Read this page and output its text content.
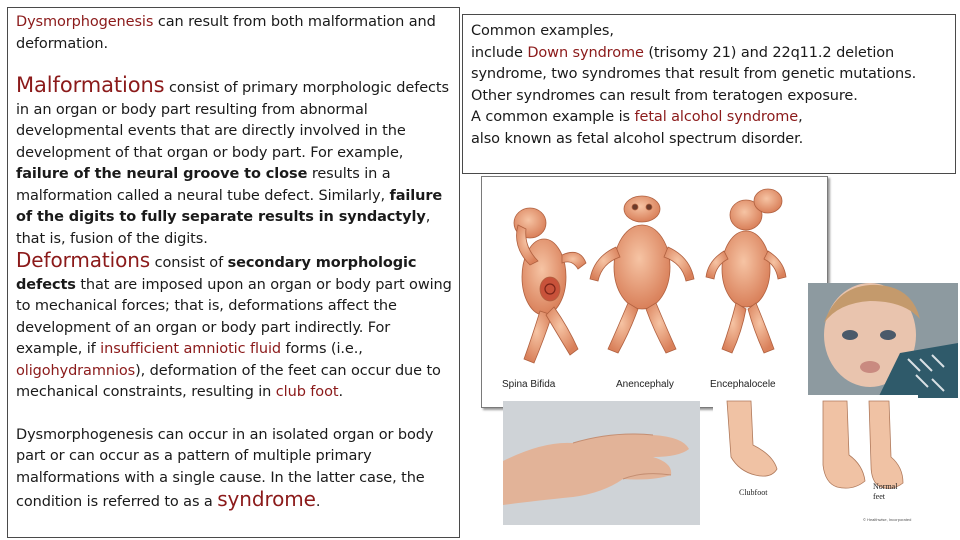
Dysmorphogenesis can result from both malformation and deformation.

Malformations consist of primary morphologic defects in an organ or body part resulting from abnormal developmental events that are directly involved in the development of that organ or body part. For example, failure of the neural groove to close results in a malformation called a neural tube defect. Similarly, failure of the digits to fully separate results in syndactyly, that is, fusion of the digits.

Deformations consist of secondary morphologic defects that are imposed upon an organ or body part owing to mechanical forces; that is, deformations affect the development of an organ or body part indirectly. For example, if insufficient amniotic fluid forms (i.e., oligohydramnios), deformation of the feet can occur due to mechanical constraints, resulting in club foot.

Dysmorphogenesis can occur in an isolated organ or body part or can occur as a pattern of multiple primary malformations with a single cause. In the latter case, the condition is referred to as a syndrome.

Common examples,

include Down syndrome (trisomy 21) and 22q11.2 deletion syndrome, two syndromes that result from genetic mutations. Other syndromes can result from teratogen exposure.

A common example is fetal alcohol syndrome,

also known as fetal alcohol spectrum disorder.

Spina Bifida	Anencephaly	Encephalocele
Clubfoot
Normal
feet
© Healthwise, Incorporated
